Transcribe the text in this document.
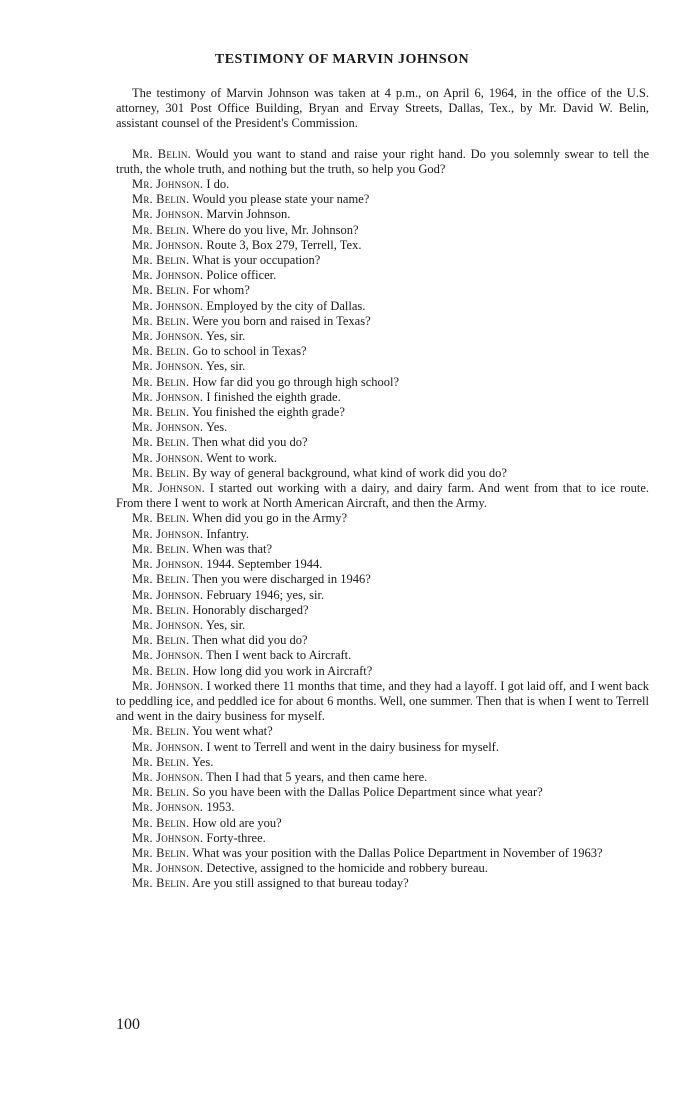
TESTIMONY OF MARVIN JOHNSON

The testimony of Marvin Johnson was taken at 4 p.m., on April 6, 1964, in the office of the U.S. attorney, 301 Post Office Building, Bryan and Ervay Streets, Dallas, Tex., by Mr. David W. Belin, assistant counsel of the President's Commission.

Mr. Belin. Would you want to stand and raise your right hand. Do you solemnly swear to tell the truth, the whole truth, and nothing but the truth, so help you God?

Mr. Johnson. I do.

Mr. Belin. Would you please state your name?

Mr. Johnson. Marvin Johnson.

Mr. Belin. Where do you live, Mr. Johnson?

Mr. Johnson. Route 3, Box 279, Terrell, Tex.

Mr. Belin. What is your occupation?

Mr. Johnson. Police officer.

Mr. Belin. For whom?

Mr. Johnson. Employed by the city of Dallas.

Mr. Belin. Were you born and raised in Texas?

Mr. Johnson. Yes, sir.

Mr. Belin. Go to school in Texas?

Mr. Johnson. Yes, sir.

Mr. Belin. How far did you go through high school?

Mr. Johnson. I finished the eighth grade.

Mr. Belin. You finished the eighth grade?

Mr. Johnson. Yes.

Mr. Belin. Then what did you do?

Mr. Johnson. Went to work.

Mr. Belin. By way of general background, what kind of work did you do?

Mr. Johnson. I started out working with a dairy, and dairy farm. And went from that to ice route. From there I went to work at North American Aircraft, and then the Army.

Mr. Belin. When did you go in the Army?

Mr. Johnson. Infantry.

Mr. Belin. When was that?

Mr. Johnson. 1944. September 1944.

Mr. Belin. Then you were discharged in 1946?

Mr. Johnson. February 1946; yes, sir.

Mr. Belin. Honorably discharged?

Mr. Johnson. Yes, sir.

Mr. Belin. Then what did you do?

Mr. Johnson. Then I went back to Aircraft.

Mr. Belin. How long did you work in Aircraft?

Mr. Johnson. I worked there 11 months that time, and they had a layoff. I got laid off, and I went back to peddling ice, and peddled ice for about 6 months. Well, one summer. Then that is when I went to Terrell and went in the dairy business for myself.

Mr. Belin. You went what?

Mr. Johnson. I went to Terrell and went in the dairy business for myself.

Mr. Belin. Yes.

Mr. Johnson. Then I had that 5 years, and then came here.

Mr. Belin. So you have been with the Dallas Police Department since what year?

Mr. Johnson. 1953.

Mr. Belin. How old are you?

Mr. Johnson. Forty-three.

Mr. Belin. What was your position with the Dallas Police Department in November of 1963?

Mr. Johnson. Detective, assigned to the homicide and robbery bureau.

Mr. Belin. Are you still assigned to that bureau today?

100
